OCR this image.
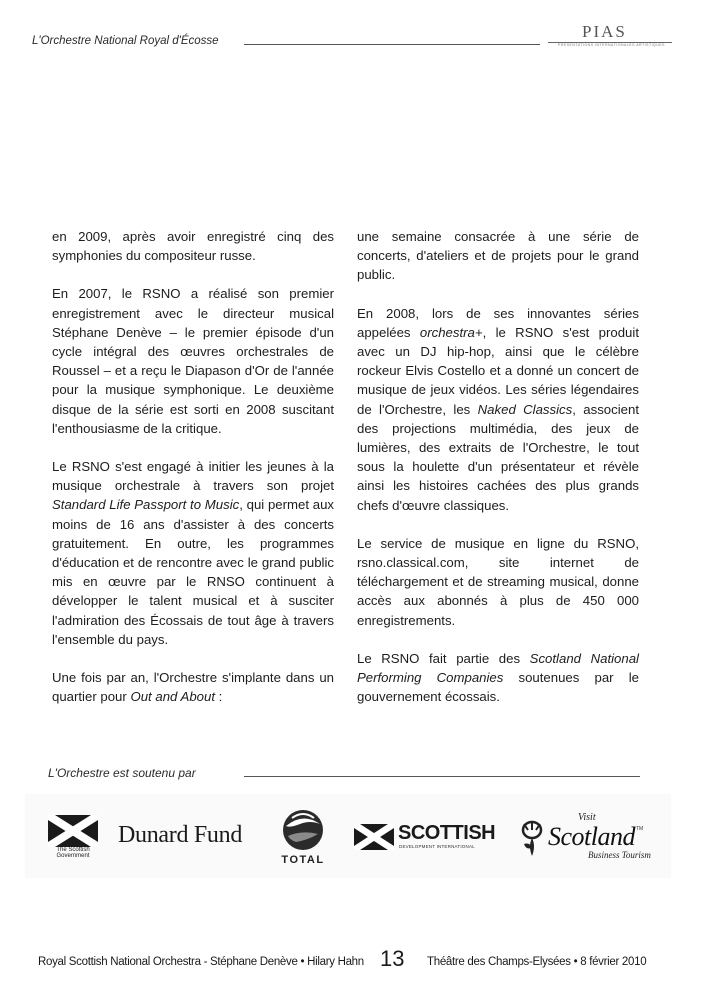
L'Orchestre National Royal d'Écosse	PIAS
PRESENTATIONS INTERNATIONALES ARTISTIQUES

en 2009, après avoir enregistré cinq des symphonies du compositeur russe.

En 2007, le RSNO a réalisé son premier enregistrement avec le directeur musical Stéphane Denève – le premier épisode d'un cycle intégral des œuvres orchestrales de Roussel – et a reçu le Diapason d'Or de l'année pour la musique symphonique. Le deuxième disque de la série est sorti en 2008 suscitant l'enthousiasme de la critique.

Le RSNO s'est engagé à initier les jeunes à la musique orchestrale à travers son projet Standard Life Passport to Music, qui permet aux moins de 16 ans d'assister à des concerts gratuitement. En outre, les programmes d'éducation et de rencontre avec le grand public mis en œuvre par le RNSO continuent à développer le talent musical et à susciter l'admiration des Écossais de tout âge à travers l'ensemble du pays.

Une fois par an, l'Orchestre s'implante dans un quartier pour Out and About :

une semaine consacrée à une série de concerts, d'ateliers et de projets pour le grand public.

En 2008, lors de ses innovantes séries appelées orchestra+, le RSNO s'est produit avec un DJ hip-hop, ainsi que le célèbre rockeur Elvis Costello et a donné un concert de musique de jeux vidéos. Les séries légendaires de l'Orchestre, les Naked Classics, associent des projections multimédia, des jeux de lumières, des extraits de l'Orchestre, le tout sous la houlette d'un présentateur et révèle ainsi les histoires cachées des plus grands chefs d'œuvre classiques.

Le service de musique en ligne du RSNO, rsno.classical.com, site internet de téléchargement et de streaming musical, donne accès aux abonnés à plus de 450 000 enregistrements.

Le RSNO fait partie des Scotland National Performing Companies soutenues par le gouvernement écossais.

L'Orchestre est soutenu par
The Scottish
Government
Dunard Fund
TOTAL
SCOTTISH
DEVELOPMENT INTERNATIONAL
Visit
Scotland TM
Business Tourism
Royal Scottish National Orchestra - Stéphane Denève • Hilary Hahn 13 Théâtre des Champs-Elysées • 8 février 2010
